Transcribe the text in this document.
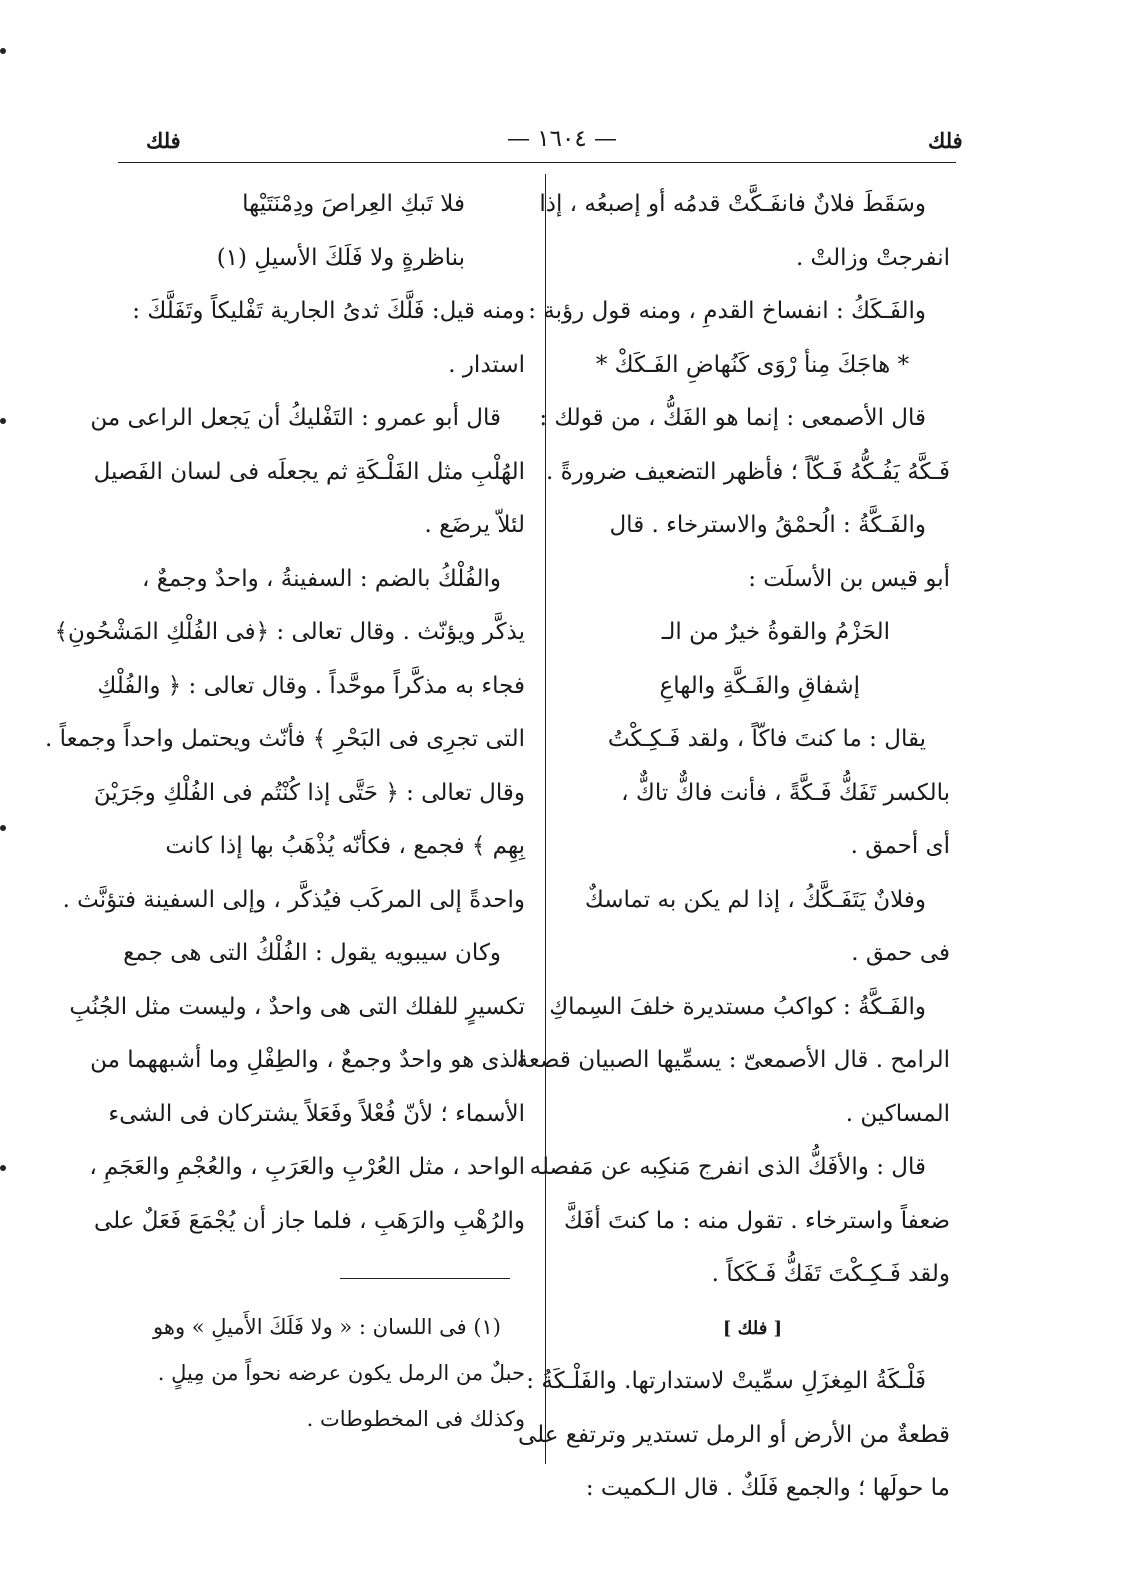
فلك
— ١٦٠٤ —
فلك
وسَقَطَ فلانٌ فانفَـكَّتْ قدمُه أو إصبعُه ، إذا
انفرجتْ وزالتْ .
والفَـكَكُ : انفساخ القدمِ ، ومنه قول رؤبة :
* هاجَكَ مِنأ رْوَى كَنُهاضِ الفَـكَكْ *
قال الأصمعى : إنما هو الفَكُّ ، من قولك :
فَـكَّهُ يَفُـكُّهُ فَـكّاً ؛ فأظهر التضعيف ضرورةً .
والفَـكَّةُ : الُحمْقُ والاسترخاء . قال
أبو قيس بن الأسلَت :
الحَزْمُ والقوةُ خيرٌ من الـ
إشفاقِ والفَـكَّةِ والهاعِ
يقال : ما كنتَ فاكّاً ، ولقد فَـكِـكْتُ
بالكسر تَفَكُّ فَـكَّةً ، فأنت فاكٌّ تاكٌّ ،
أى أحمق .
وفلانٌ يَتَفَـكَّكُ ، إذا لم يكن به تماسكٌ
فى حمق .
والفَـكَّةُ : كواكبُ مستديرة خلفَ السِماكِ
الرامح . قال الأصمعىّ : يسمِّيها الصبيان قصعة
المساكين .
قال : والأفَكُّ الذى انفرج مَنكِبه عن مَفصله
ضعفاً واسترخاء . تقول منه : ما كنتَ أفَكَّ
ولقد فَـكِـكْتَ تَفَكُّ فَـكَكاً .
[ فلك ]
فَلْـكَةُ المِغزَلِ سمِّيتْ لاستدارتها. والفَلْـكَةُ :
قطعةٌ من الأرض أو الرمل تستدير وترتفع على
ما حولَها ؛ والجمع فَلَكٌ . قال الـكميت :
فلا تَبكِ العِراصَ ودِمْنَتَيْها
بناظرةٍ ولا فَلَكَ الأسيلِ (١)
ومنه قيل: فَلَّكَ ثدىُ الجارية تَفْليكاً وتَفَلَّكَ :
استدار .
قال أبو عمرو : التَفْليكُ أن يَجعل الراعى من
الهُلْبِ مثل الفَلْـكَةِ ثم يجعلَه فى لسان الفَصيل
لئلاّ يرضَع .
والفُلْكُ بالضم : السفينةُ ، واحدٌ وجمعٌ ،
يذكَّر ويؤنّث . وقال تعالى : ﴿فى الفُلْكِ المَشْحُونِ﴾
فجاء به مذكَّراً موحَّداً . وقال تعالى : ﴿ والفُلْكِ
التى تجرِى فى البَحْرِ ﴾ فأنّث ويحتمل واحداً وجمعاً .
وقال تعالى : ﴿ حَتَّى إذا كُنْتُم فى الفُلْكِ وجَرَيْنَ
بِهِم ﴾ فجمع ، فكأنّه يُذْهَبُ بها إذا كانت
واحدةً إلى المركَب فيُذكَّر ، وإلى السفينة فتؤنَّث .
وكان سيبويه يقول : الفُلْكُ التى هى جمع
تكسيرٍ للفلك التى هى واحدٌ ، وليست مثل الجُنُبِ
الذى هو واحدٌ وجمعٌ ، والطِفْلِ وما أشبههما من
الأسماء ؛ لأنّ فُعْلاً وفَعَلاً يشتركان فى الشىء
الواحد ، مثل العُرْبِ والعَرَبِ ، والعُجْمِ والعَجَمِ ،
والرُهْبِ والرَهَبِ ، فلما جاز أن يُجْمَعَ فَعَلٌ على
(١) فى اللسان : « ولا فَلَكَ الأَميلِ » وهو
حبلٌ من الرمل يكون عرضه نحواً من مِيلٍ .
وكذلك فى المخطوطات .
